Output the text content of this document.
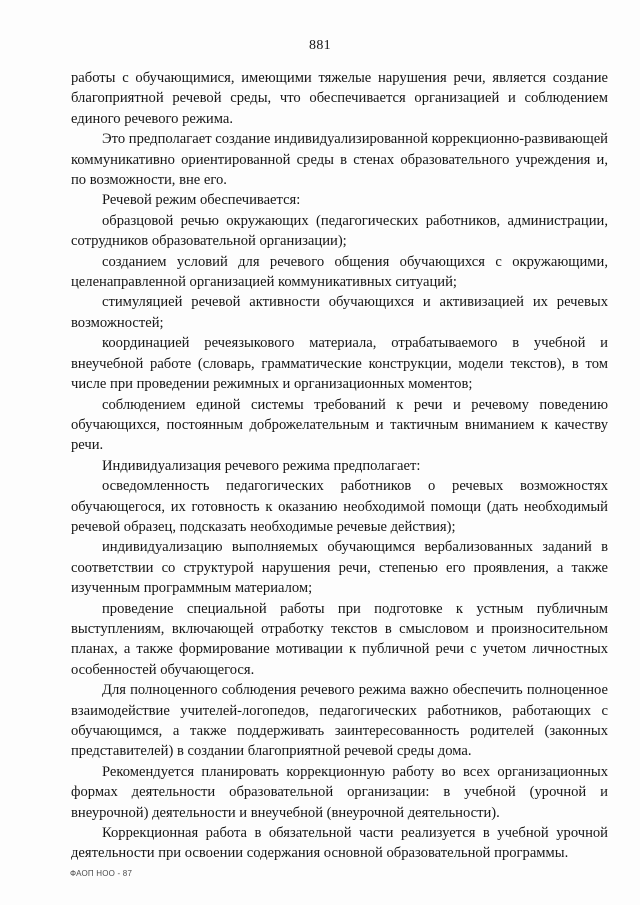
881

работы с обучающимися, имеющими тяжелые нарушения речи, является создание благоприятной речевой среды, что обеспечивается организацией и соблюдением единого речевого режима.

Это предполагает создание индивидуализированной коррекционно-развивающей коммуникативно ориентированной среды в стенах образовательного учреждения и, по возможности, вне его.

Речевой режим обеспечивается:

образцовой речью окружающих (педагогических работников, администрации, сотрудников образовательной организации);

созданием условий для речевого общения обучающихся с окружающими, целенаправленной организацией коммуникативных ситуаций;

стимуляцией речевой активности обучающихся и активизацией их речевых возможностей;

координацией речеязыкового материала, отрабатываемого в учебной и внеучебной работе (словарь, грамматические конструкции, модели текстов), в том числе при проведении режимных и организационных моментов;

соблюдением единой системы требований к речи и речевому поведению обучающихся, постоянным доброжелательным и тактичным вниманием к качеству речи.

Индивидуализация речевого режима предполагает:

осведомленность педагогических работников о речевых возможностях обучающегося, их готовность к оказанию необходимой помощи (дать необходимый речевой образец, подсказать необходимые речевые действия);

индивидуализацию выполняемых обучающимся вербализованных заданий в соответствии со структурой нарушения речи, степенью его проявления, а также изученным программным материалом;

проведение специальной работы при подготовке к устным публичным выступлениям, включающей отработку текстов в смысловом и произносительном планах, а также формирование мотивации к публичной речи с учетом личностных особенностей обучающегося.

Для полноценного соблюдения речевого режима важно обеспечить полноценное взаимодействие учителей-логопедов, педагогических работников, работающих с обучающимся, а также поддерживать заинтересованность родителей (законных представителей) в создании благоприятной речевой среды дома.

Рекомендуется планировать коррекционную работу во всех организационных формах деятельности образовательной организации: в учебной (урочной и внеурочной) деятельности и внеучебной (внеурочной деятельности).

Коррекционная работа в обязательной части реализуется в учебной урочной деятельности при освоении содержания основной образовательной программы.

ФАОП НОО - 87
